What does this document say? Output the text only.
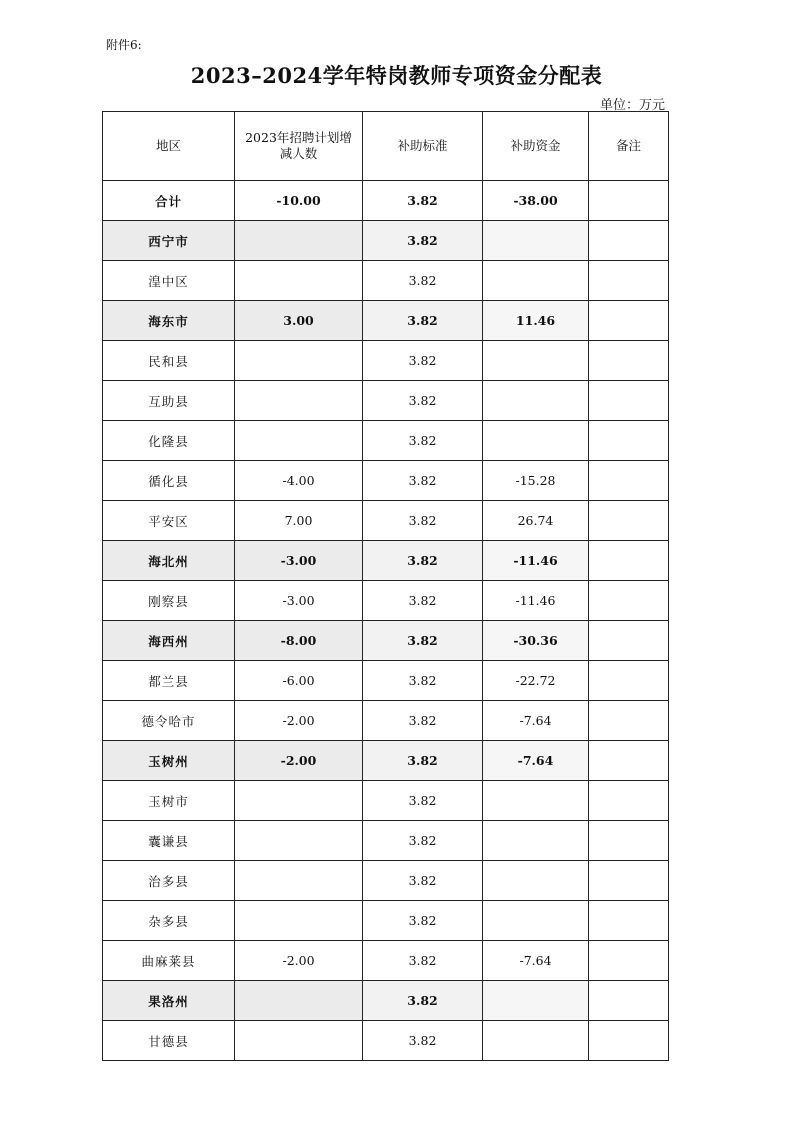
附件6:
2023–2024学年特岗教师专项资金分配表
单位：万元
地区	2023年招聘计划增减人数	补助标准	补助资金	备注
合计	-10.00	3.82	-38.00	
西宁市		3.82		
湟中区		3.82		
海东市	3.00	3.82	11.46	
民和县		3.82		
互助县		3.82		
化隆县		3.82		
循化县	-4.00	3.82	-15.28	
平安区	7.00	3.82	26.74	
海北州	-3.00	3.82	-11.46	
刚察县	-3.00	3.82	-11.46	
海西州	-8.00	3.82	-30.36	
都兰县	-6.00	3.82	-22.72	
德令哈市	-2.00	3.82	-7.64	
玉树州	-2.00	3.82	-7.64	
玉树市		3.82		
囊谦县		3.82		
治多县		3.82		
杂多县		3.82		
曲麻莱县	-2.00	3.82	-7.64	
果洛州		3.82		
甘德县		3.82		
